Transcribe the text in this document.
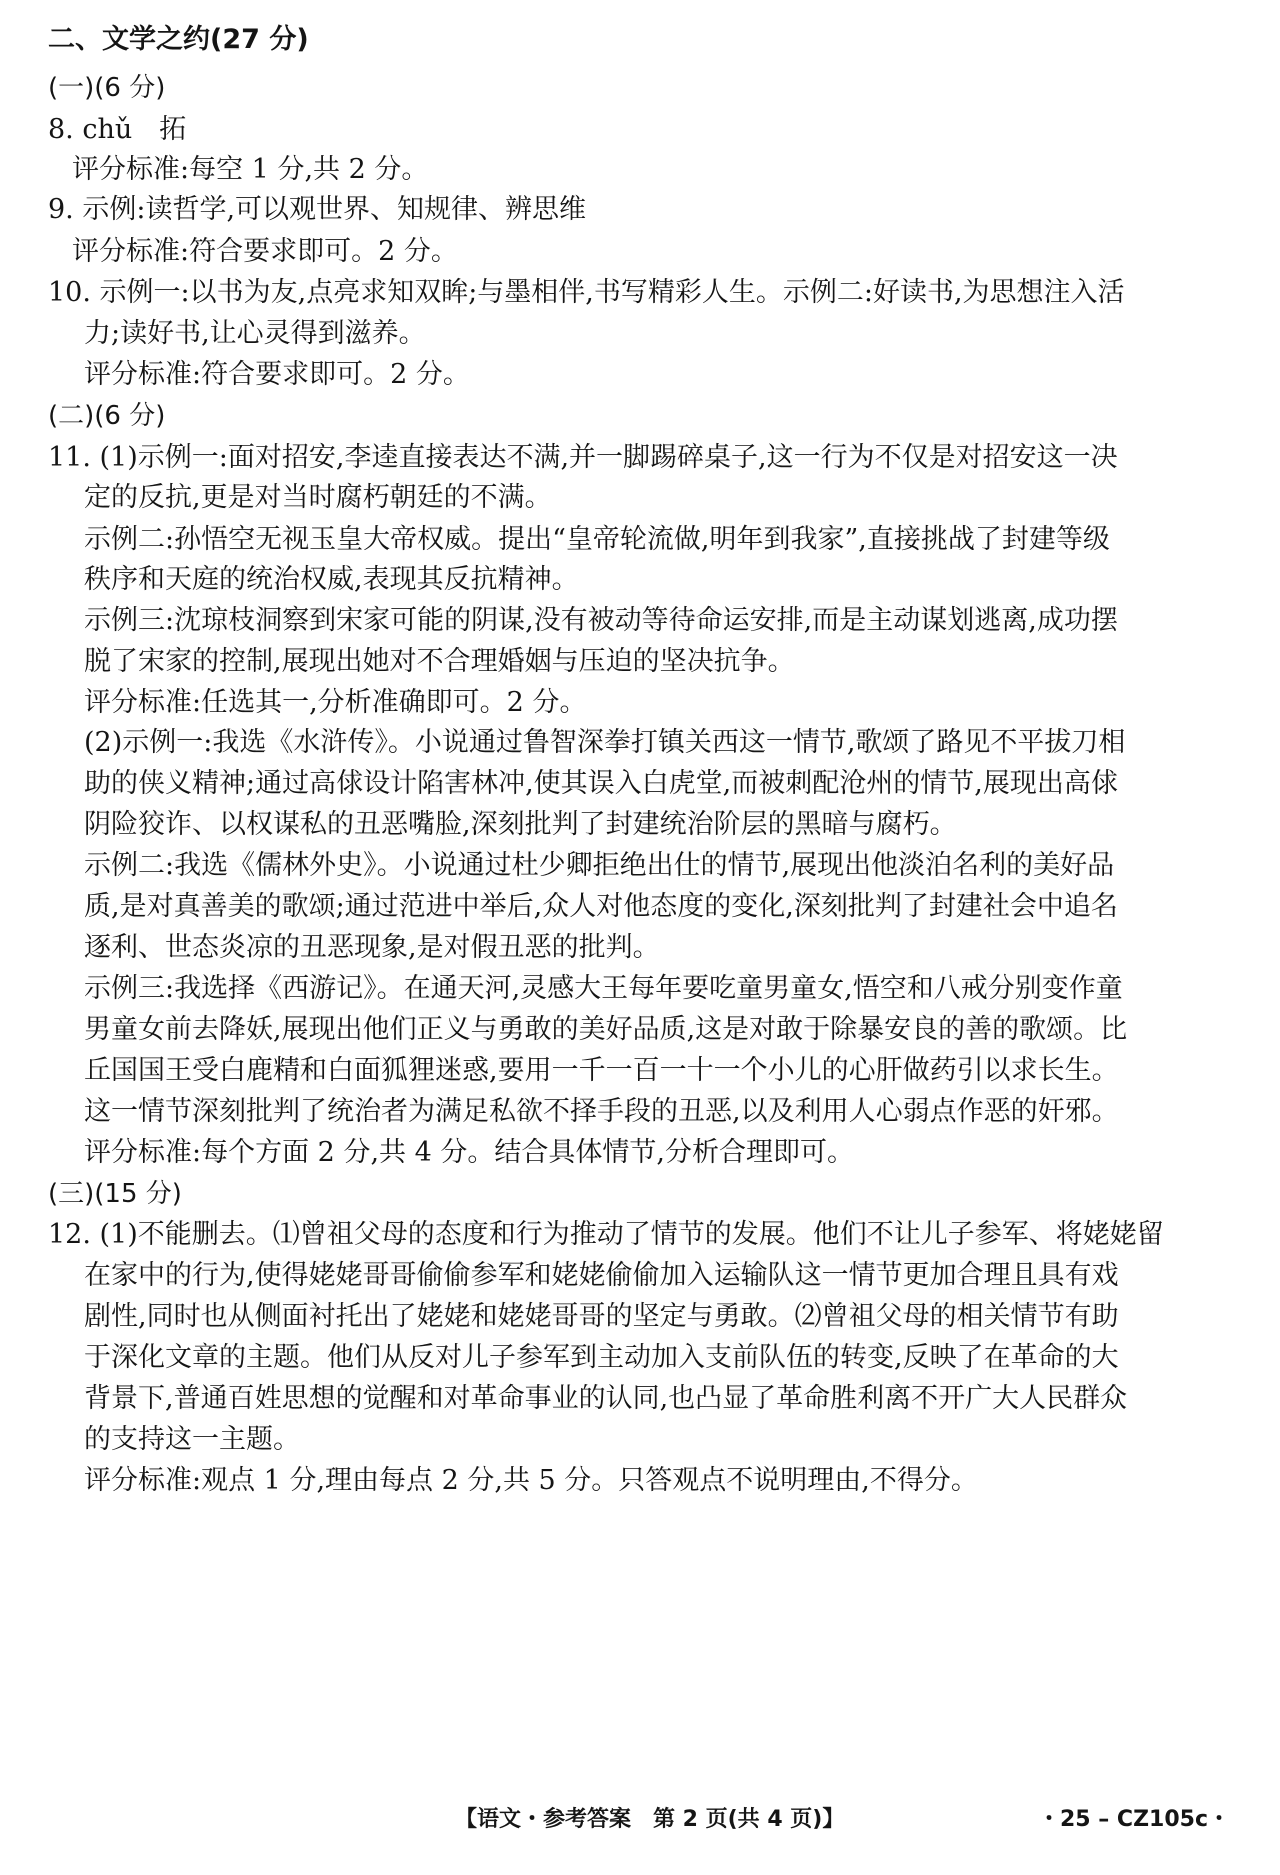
二、文学之约(27 分)
(一)(6 分)
8. chǔ　拓
评分标准:每空 1 分,共 2 分。
9. 示例:读哲学,可以观世界、知规律、辨思维
评分标准:符合要求即可。2 分。
10. 示例一:以书为友,点亮求知双眸;与墨相伴,书写精彩人生。示例二:好读书,为思想注入活
力;读好书,让心灵得到滋养。
评分标准:符合要求即可。2 分。
(二)(6 分)
11. (1)示例一:面对招安,李逵直接表达不满,并一脚踢碎桌子,这一行为不仅是对招安这一决
定的反抗,更是对当时腐朽朝廷的不满。
示例二:孙悟空无视玉皇大帝权威。提出“皇帝轮流做,明年到我家”,直接挑战了封建等级
秩序和天庭的统治权威,表现其反抗精神。
示例三:沈琼枝洞察到宋家可能的阴谋,没有被动等待命运安排,而是主动谋划逃离,成功摆
脱了宋家的控制,展现出她对不合理婚姻与压迫的坚决抗争。
评分标准:任选其一,分析准确即可。2 分。
(2)示例一:我选《水浒传》。小说通过鲁智深拳打镇关西这一情节,歌颂了路见不平拔刀相
助的侠义精神;通过高俅设计陷害林冲,使其误入白虎堂,而被刺配沧州的情节,展现出高俅
阴险狡诈、以权谋私的丑恶嘴脸,深刻批判了封建统治阶层的黑暗与腐朽。
示例二:我选《儒林外史》。小说通过杜少卿拒绝出仕的情节,展现出他淡泊名利的美好品
质,是对真善美的歌颂;通过范进中举后,众人对他态度的变化,深刻批判了封建社会中追名
逐利、世态炎凉的丑恶现象,是对假丑恶的批判。
示例三:我选择《西游记》。在通天河,灵感大王每年要吃童男童女,悟空和八戒分别变作童
男童女前去降妖,展现出他们正义与勇敢的美好品质,这是对敢于除暴安良的善的歌颂。比
丘国国王受白鹿精和白面狐狸迷惑,要用一千一百一十一个小儿的心肝做药引以求长生。
这一情节深刻批判了统治者为满足私欲不择手段的丑恶,以及利用人心弱点作恶的奸邪。
评分标准:每个方面 2 分,共 4 分。结合具体情节,分析合理即可。
(三)(15 分)
12. (1)不能删去。⑴曾祖父母的态度和行为推动了情节的发展。他们不让儿子参军、将姥姥留
在家中的行为,使得姥姥哥哥偷偷参军和姥姥偷偷加入运输队这一情节更加合理且具有戏
剧性,同时也从侧面衬托出了姥姥和姥姥哥哥的坚定与勇敢。⑵曾祖父母的相关情节有助
于深化文章的主题。他们从反对儿子参军到主动加入支前队伍的转变,反映了在革命的大
背景下,普通百姓思想的觉醒和对革命事业的认同,也凸显了革命胜利离不开广大人民群众
的支持这一主题。
评分标准:观点 1 分,理由每点 2 分,共 5 分。只答观点不说明理由,不得分。
【语文・参考答案　第 2 页(共 4 页)】	・25 – CZ105c・
